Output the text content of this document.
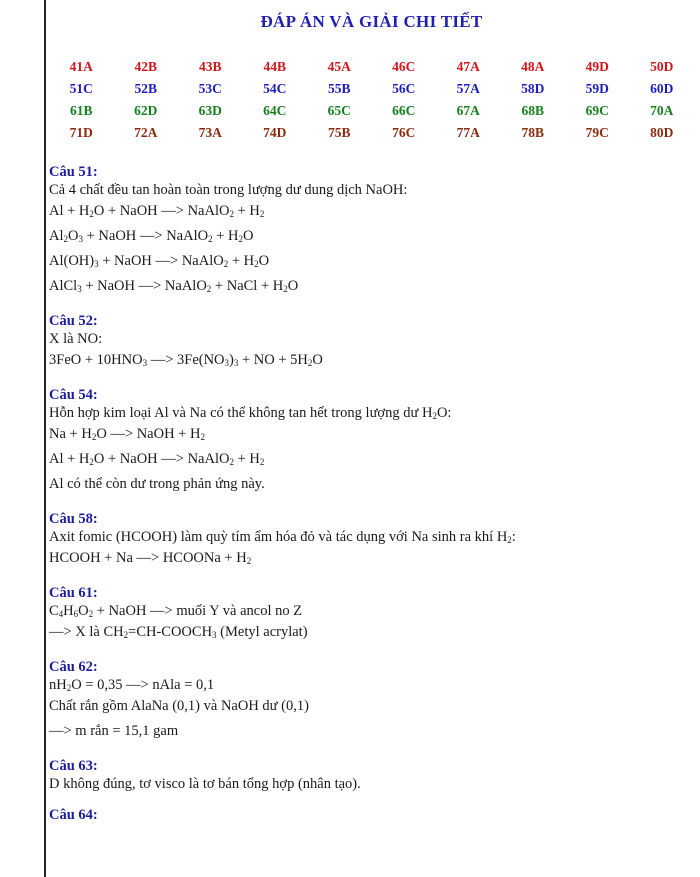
ĐÁP ÁN VÀ GIẢI CHI TIẾT
41A	42B	43B	44B	45A	46C	47A	48A	49D	50D
51C	52B	53C	54C	55B	56C	57A	58D	59D	60D
61B	62D	63D	64C	65C	66C	67A	68B	69C	70A
71D	72A	73A	74D	75B	76C	77A	78B	79C	80D
Câu 51:
Cả 4 chất đều tan hoàn toàn trong lượng dư dung dịch NaOH:
$Al + H_2O$ + NaOH —> NaAlO$_2$ + $H_2$
$Al_2O_3$ + NaOH —> NaAlO$_2$ + $H_2O$
$Al(OH)_3$ + NaOH —> NaAlO$_2$ + $H_2O$
AlCl$_3$ + NaOH —> NaAlO$_2$ + NaCl + $H_2O$
Câu 52:
X là NO:
$3FeO + 10HNO_3$ —> $3Fe(NO_3)_3$ + NO + $5H_2O$
Câu 54:
Hỗn hợp kim loại Al và Na có thể không tan hết trong lượng dư $H_2O$:
$Na + H_2O$ —> NaOH + $H_2$
$Al + H_2O$ + NaOH —> NaAlO$_2$ + $H_2$
Al có thể còn dư trong phản ứng này.
Câu 58:
Axit fomic (HCOOH) làm quỳ tím ẩm hóa đỏ và tác dụng với Na sinh ra khí $H_2$:
HCOOH + Na —> HCOONa + $H_2$
Câu 61:
$C_4H_6O_2$ + NaOH —> muối Y và ancol no Z
—> X là $CH_2=CH-COOCH_3$ (Metyl acrylat)
Câu 62:
$nH_2O = 0,35$ —> nAla = 0,1
Chất rắn gồm AlaNa (0,1) và NaOH dư (0,1)
—> m rắn = 15,1 gam
Câu 63:
D không đúng, tơ visco là tơ bán tổng hợp (nhân tạo).
Câu 64:
